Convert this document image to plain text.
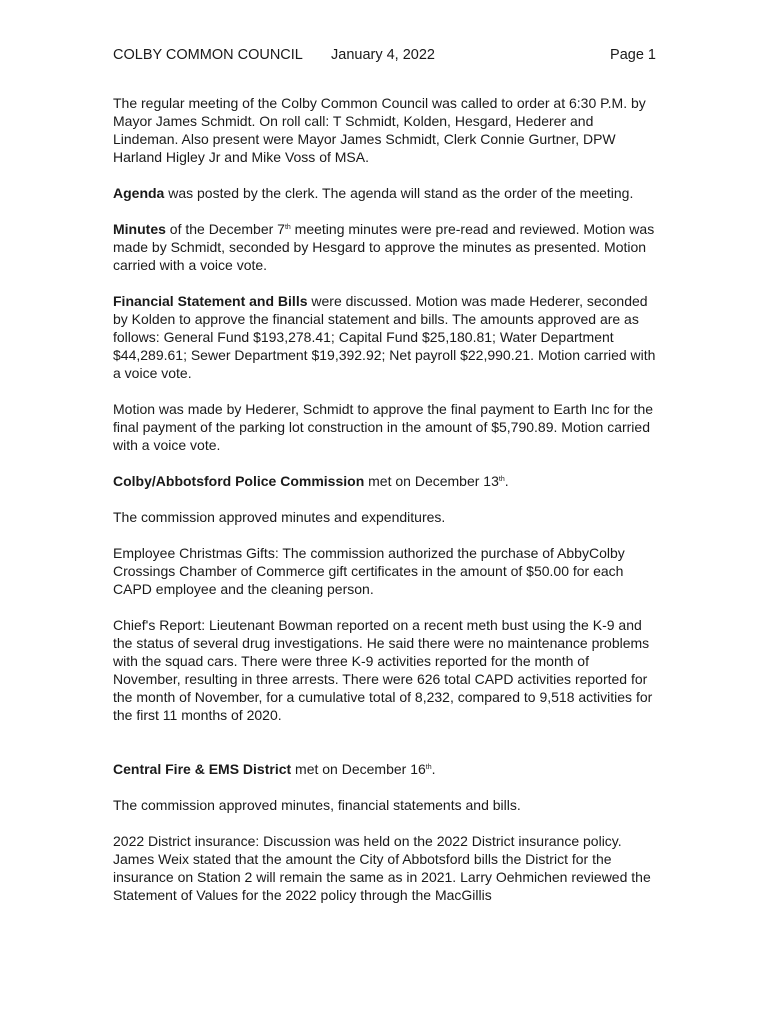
COLBY COMMON COUNCIL January 4, 2022	Page 1

The regular meeting of the Colby Common Council was called to order at 6:30 P.M. by Mayor James Schmidt. On roll call: T Schmidt, Kolden, Hesgard, Hederer and Lindeman. Also present were Mayor James Schmidt, Clerk Connie Gurtner, DPW Harland Higley Jr and Mike Voss of MSA.

Agenda was posted by the clerk. The agenda will stand as the order of the meeting.

Minutes of the December 7th meeting minutes were pre-read and reviewed. Motion was made by Schmidt, seconded by Hesgard to approve the minutes as presented. Motion carried with a voice vote.

Financial Statement and Bills were discussed. Motion was made Hederer, seconded by Kolden to approve the financial statement and bills. The amounts approved are as follows: General Fund $193,278.41; Capital Fund $25,180.81; Water Department $44,289.61; Sewer Department $19,392.92; Net payroll $22,990.21. Motion carried with a voice vote.

Motion was made by Hederer, Schmidt to approve the final payment to Earth Inc for the final payment of the parking lot construction in the amount of $5,790.89. Motion carried with a voice vote.

Colby/Abbotsford Police Commission met on December 13th.

The commission approved minutes and expenditures.

Employee Christmas Gifts: The commission authorized the purchase of AbbyColby Crossings Chamber of Commerce gift certificates in the amount of $50.00 for each CAPD employee and the cleaning person.

Chief's Report: Lieutenant Bowman reported on a recent meth bust using the K-9 and the status of several drug investigations. He said there were no maintenance problems with the squad cars. There were three K-9 activities reported for the month of November, resulting in three arrests. There were 626 total CAPD activities reported for the month of November, for a cumulative total of 8,232, compared to 9,518 activities for the first 11 months of 2020.

Central Fire & EMS District met on December 16th.

The commission approved minutes, financial statements and bills.

2022 District insurance: Discussion was held on the 2022 District insurance policy. James Weix stated that the amount the City of Abbotsford bills the District for the insurance on Station 2 will remain the same as in 2021. Larry Oehmichen reviewed the Statement of Values for the 2022 policy through the MacGillis
